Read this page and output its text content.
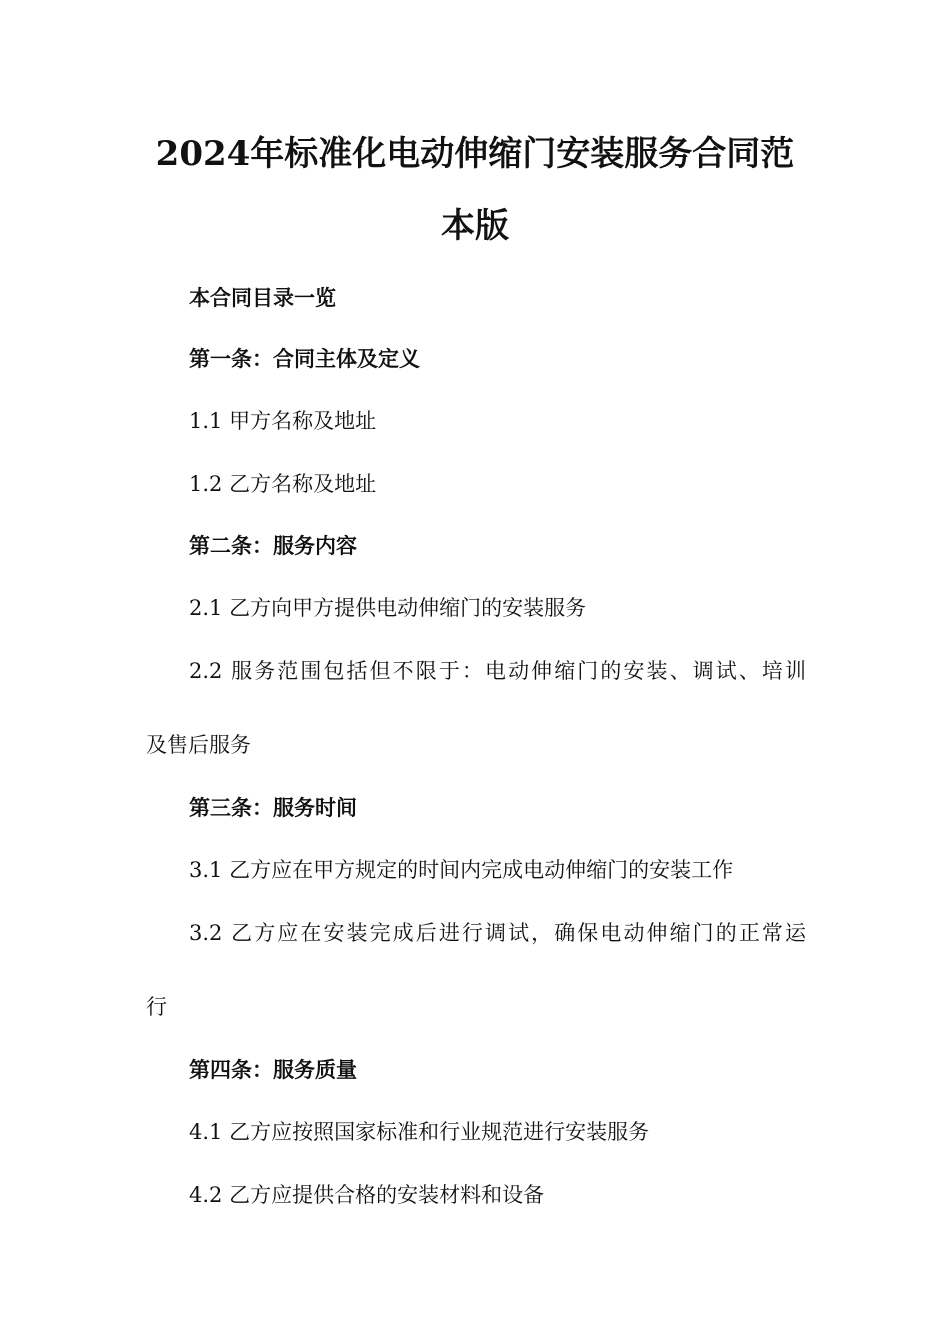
2024年标准化电动伸缩门安装服务合同范
本版

本合同目录一览

第一条：合同主体及定义

1.1 甲方名称及地址

1.2 乙方名称及地址

第二条：服务内容

2.1 乙方向甲方提供电动伸缩门的安装服务

2.2 服务范围包括但不限于：电动伸缩门的安装、调试、培训

及售后服务

第三条：服务时间

3.1 乙方应在甲方规定的时间内完成电动伸缩门的安装工作

3.2 乙方应在安装完成后进行调试，确保电动伸缩门的正常运

行

第四条：服务质量

4.1 乙方应按照国家标准和行业规范进行安装服务

4.2 乙方应提供合格的安装材料和设备
